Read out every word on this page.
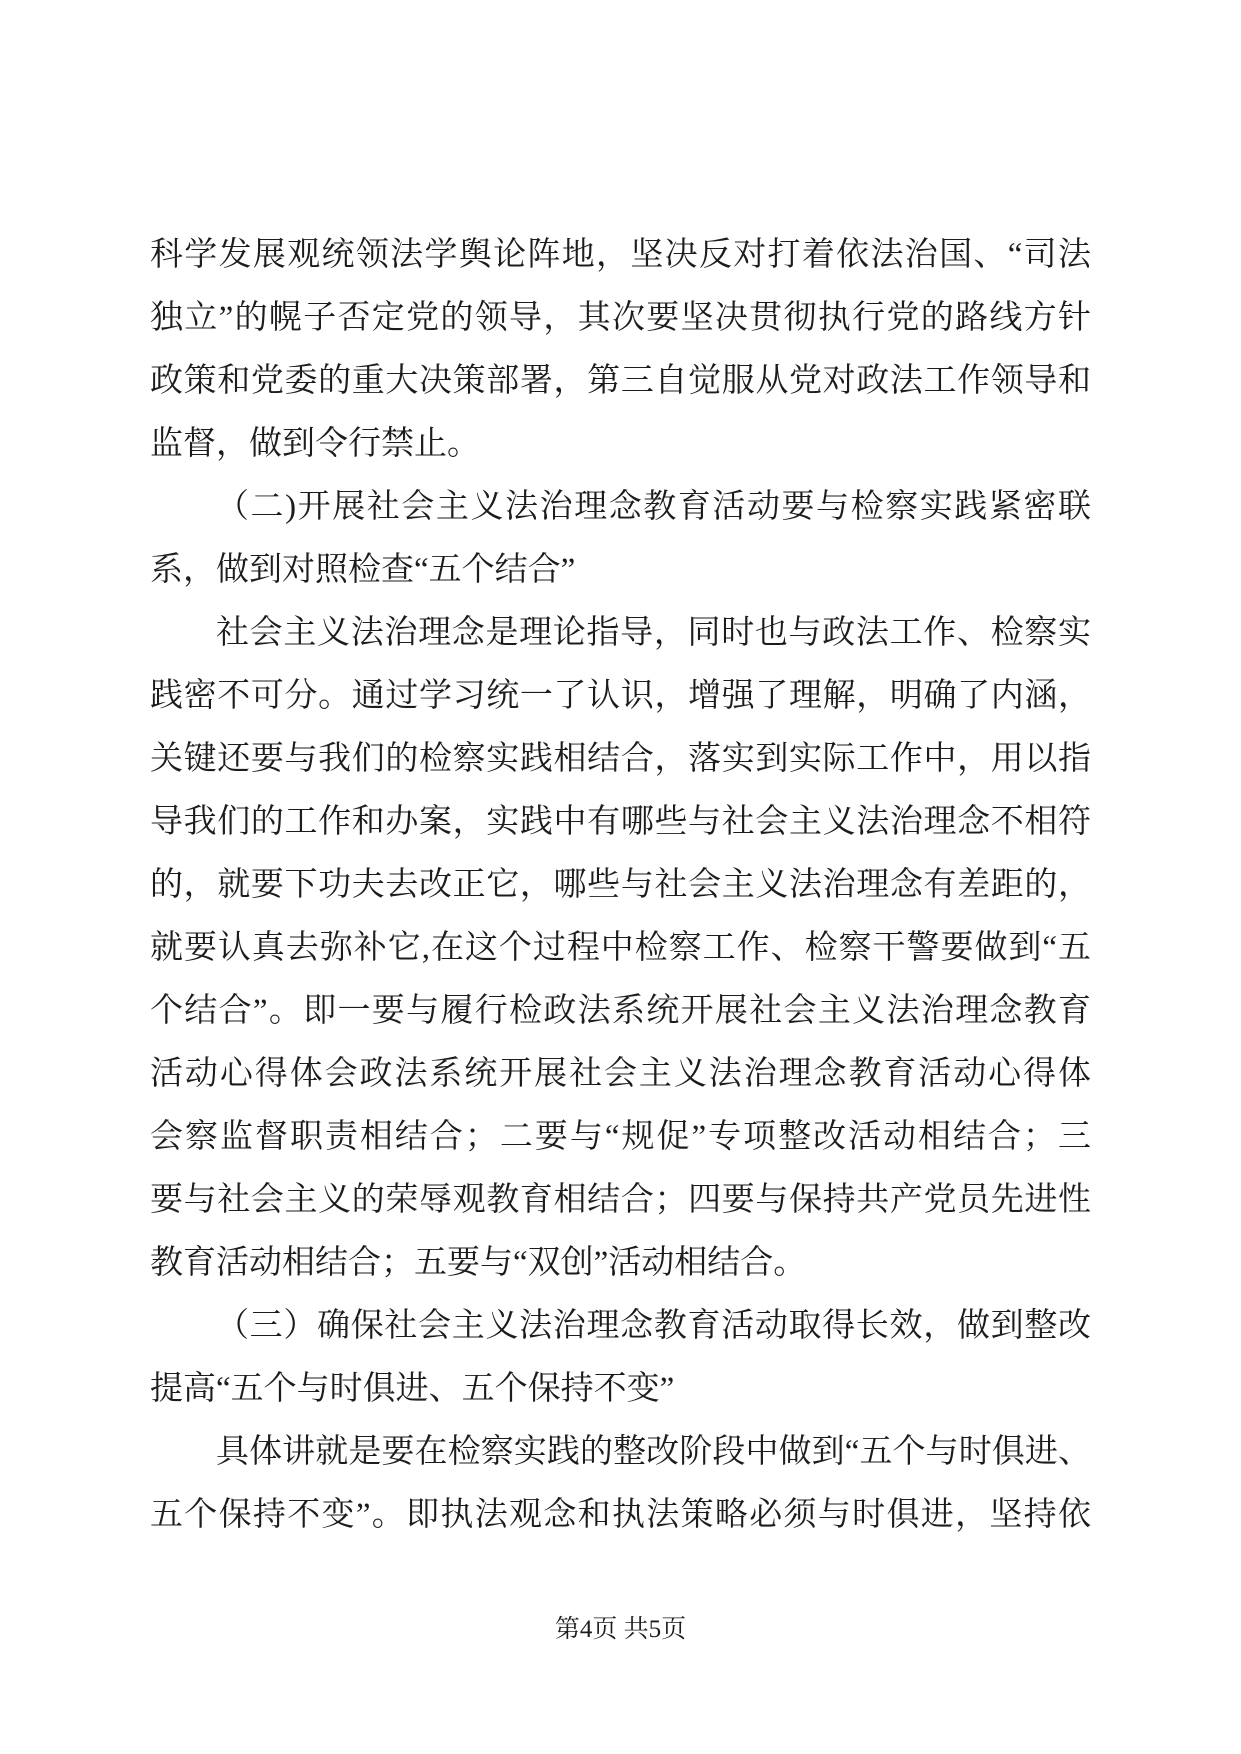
科学发展观统领法学舆论阵地，坚决反对打着依法治国、“司法

独立”的幌子否定党的领导，其次要坚决贯彻执行党的路线方针

政策和党委的重大决策部署，第三自觉服从党对政法工作领导和

监督，做到令行禁止。

（二)开展社会主义法治理念教育活动要与检察实践紧密联

系，做到对照检查“五个结合”

社会主义法治理念是理论指导，同时也与政法工作、检察实

践密不可分。通过学习统一了认识，增强了理解，明确了内涵，

关键还要与我们的检察实践相结合，落实到实际工作中，用以指

导我们的工作和办案，实践中有哪些与社会主义法治理念不相符

的，就要下功夫去改正它，哪些与社会主义法治理念有差距的，

就要认真去弥补它,在这个过程中检察工作、检察干警要做到“五

个结合”。即一要与履行检政法系统开展社会主义法治理念教育

活动心得体会政法系统开展社会主义法治理念教育活动心得体

会察监督职责相结合；二要与“规促”专项整改活动相结合；三

要与社会主义的荣辱观教育相结合；四要与保持共产党员先进性

教育活动相结合；五要与“双创”活动相结合。

（三）确保社会主义法治理念教育活动取得长效，做到整改

提高“五个与时俱进、五个保持不变”

具体讲就是要在检察实践的整改阶段中做到“五个与时俱进、

五个保持不变”。即执法观念和执法策略必须与时俱进，坚持依

第4页 共5页
